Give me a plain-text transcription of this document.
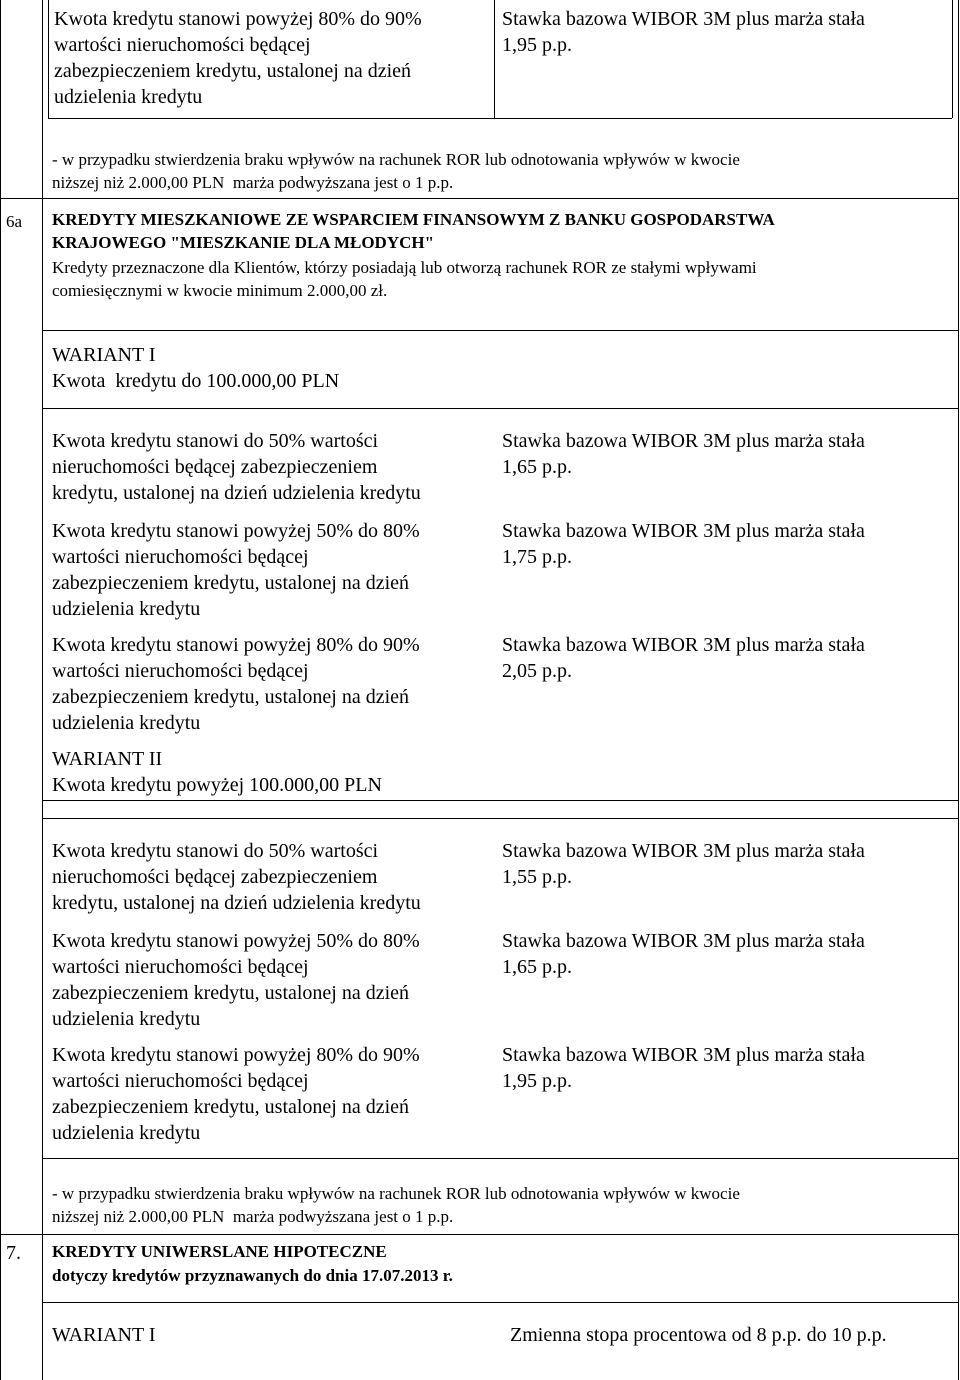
Kwota kredytu stanowi powyżej 80% do 90%
wartości nieruchomości będącej
zabezpieczeniem kredytu, ustalonej na dzień
udzielenia kredytu
Stawka bazowa WIBOR 3M plus marża stała
1,95 p.p.
- w przypadku stwierdzenia braku wpływów na rachunek ROR lub odnotowania wpływów w kwocie
niższej niż 2.000,00 PLN  marża podwyższana jest o 1 p.p.
6a KREDYTY MIESZKANIOWE ZE WSPARCIEM FINANSOWYM Z BANKU GOSPODARSTWA
KRAJOWEGO "MIESZKANIE DLA MŁODYCH"
Kredyty przeznaczone dla Klientów, którzy posiadają lub otworzą rachunek ROR ze stałymi wpływami
comiesięcznymi w kwocie minimum 2.000,00 zł.
WARIANT I
Kwota  kredytu do 100.000,00 PLN
Kwota kredytu stanowi do 50% wartości
nieruchomości będącej zabezpieczeniem
kredytu, ustalonej na dzień udzielenia kredytu
Stawka bazowa WIBOR 3M plus marża stała
1,65 p.p.
Kwota kredytu stanowi powyżej 50% do 80%
wartości nieruchomości będącej
zabezpieczeniem kredytu, ustalonej na dzień
udzielenia kredytu
Stawka bazowa WIBOR 3M plus marża stała
1,75 p.p.
Kwota kredytu stanowi powyżej 80% do 90%
wartości nieruchomości będącej
zabezpieczeniem kredytu, ustalonej na dzień
udzielenia kredytu
Stawka bazowa WIBOR 3M plus marża stała
2,05 p.p.
WARIANT II
Kwota kredytu powyżej 100.000,00 PLN
Kwota kredytu stanowi do 50% wartości
nieruchomości będącej zabezpieczeniem
kredytu, ustalonej na dzień udzielenia kredytu
Stawka bazowa WIBOR 3M plus marża stała
1,55 p.p.
Kwota kredytu stanowi powyżej 50% do 80%
wartości nieruchomości będącej
zabezpieczeniem kredytu, ustalonej na dzień
udzielenia kredytu
Stawka bazowa WIBOR 3M plus marża stała
1,65 p.p.
Kwota kredytu stanowi powyżej 80% do 90%
wartości nieruchomości będącej
zabezpieczeniem kredytu, ustalonej na dzień
udzielenia kredytu
Stawka bazowa WIBOR 3M plus marża stała
1,95 p.p.
- w przypadku stwierdzenia braku wpływów na rachunek ROR lub odnotowania wpływów w kwocie
niższej niż 2.000,00 PLN  marża podwyższana jest o 1 p.p.
7. KREDYTY UNIWERSLANE HIPOTECZNE
dotyczy kredytów przyznawanych do dnia 17.07.2013 r.
WARIANT I	Zmienna stopa procentowa od 8 p.p. do 10 p.p.
